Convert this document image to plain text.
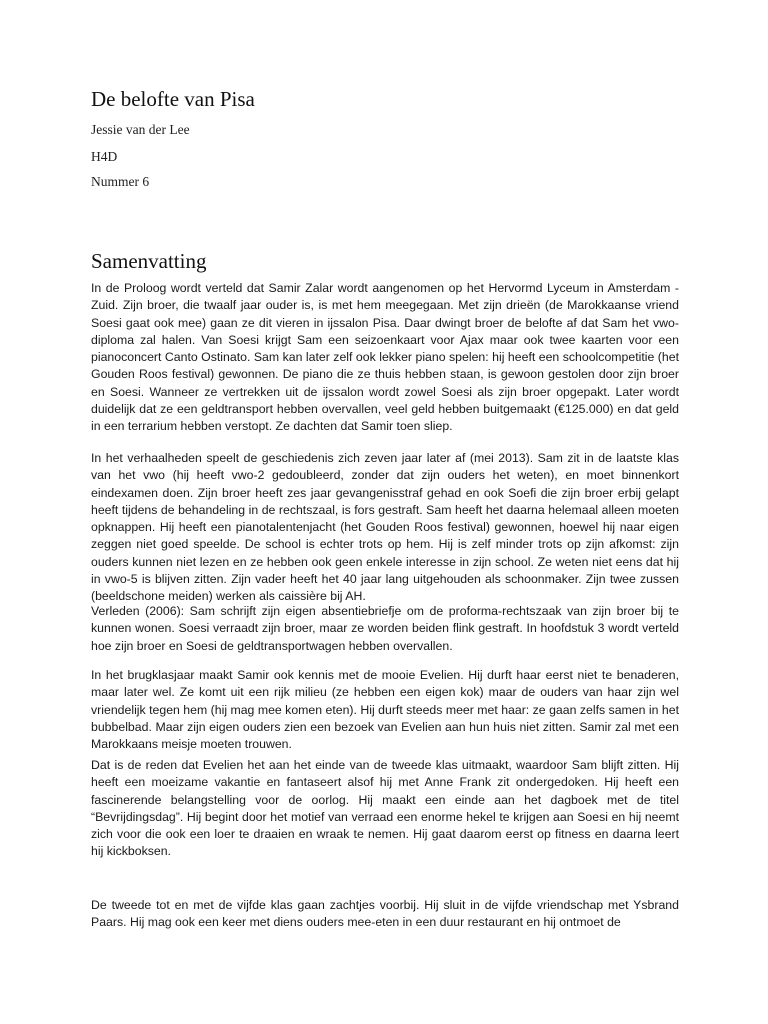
De belofte van Pisa

Jessie van der Lee

H4D

Nummer 6

Samenvatting

In de Proloog wordt verteld dat Samir Zalar wordt aangenomen op het Hervormd Lyceum in Amsterdam -Zuid. Zijn broer, die twaalf jaar ouder is, is met hem meegegaan. Met zijn drieën (de Marokkaanse vriend Soesi gaat ook mee) gaan ze dit vieren in ijssalon Pisa. Daar dwingt broer de belofte af dat Sam het vwo-diploma zal halen. Van Soesi krijgt Sam een seizoenkaart voor Ajax maar ook twee kaarten voor een pianoconcert Canto Ostinato. Sam kan later zelf ook lekker piano spelen: hij heeft een schoolcompetitie (het Gouden Roos festival) gewonnen. De piano die ze thuis hebben staan, is gewoon gestolen door zijn broer en Soesi. Wanneer ze vertrekken uit de ijssalon wordt zowel Soesi als zijn broer opgepakt. Later wordt duidelijk dat ze een geldtransport hebben overvallen, veel geld hebben buitgemaakt (€125.000) en dat geld in een terrarium hebben verstopt. Ze dachten dat Samir toen sliep.

In het verhaalheden speelt de geschiedenis zich zeven jaar later af (mei 2013). Sam zit in de laatste klas van het vwo (hij heeft vwo-2 gedoubleerd, zonder dat zijn ouders het weten), en moet binnenkort eindexamen doen. Zijn broer heeft zes jaar gevangenisstraf gehad en ook Soefi die zijn broer erbij gelapt heeft tijdens de behandeling in de rechtszaal, is fors gestraft. Sam heeft het daarna helemaal alleen moeten opknappen. Hij heeft een pianotalentenjacht (het Gouden Roos festival) gewonnen, hoewel hij naar eigen zeggen niet goed speelde. De school is echter trots op hem. Hij is zelf minder trots op zijn afkomst: zijn ouders kunnen niet lezen en ze hebben ook geen enkele interesse in zijn school. Ze weten niet eens dat hij in vwo-5 is blijven zitten. Zijn vader heeft het 40 jaar lang uitgehouden als schoonmaker. Zijn twee zussen (beeldschone meiden) werken als caissière bij AH.

Verleden (2006): Sam schrijft zijn eigen absentiebriefje om de proforma-rechtszaak van zijn broer bij te kunnen wonen. Soesi verraadt zijn broer, maar ze worden beiden flink gestraft. In hoofdstuk 3 wordt verteld hoe zijn broer en Soesi de geldtransportwagen hebben overvallen.

In het brugklasjaar maakt Samir ook kennis met de mooie Evelien. Hij durft haar eerst niet te benaderen, maar later wel. Ze komt uit een rijk milieu (ze hebben een eigen kok) maar de ouders van haar zijn wel vriendelijk tegen hem (hij mag mee komen eten). Hij durft steeds meer met haar: ze gaan zelfs samen in het bubbelbad. Maar zijn eigen ouders zien een bezoek van Evelien aan hun huis niet zitten. Samir zal met een Marokkaans meisje moeten trouwen.

Dat is de reden dat Evelien het aan het einde van de tweede klas uitmaakt, waardoor Sam blijft zitten. Hij heeft een moeizame vakantie en fantaseert alsof hij met Anne Frank zit ondergedoken. Hij heeft een fascinerende belangstelling voor de oorlog. Hij maakt een einde aan het dagboek met de titel “Bevrijdingsdag”. Hij begint door het motief van verraad een enorme hekel te krijgen aan Soesi en hij neemt zich voor die ook een loer te draaien en wraak te nemen. Hij gaat daarom eerst op fitness en daarna leert hij kickboksen.

De tweede tot en met de vijfde klas gaan zachtjes voorbij. Hij sluit in de vijfde vriendschap met Ysbrand Paars. Hij mag ook een keer met diens ouders mee-eten in een duur restaurant en hij ontmoet de
